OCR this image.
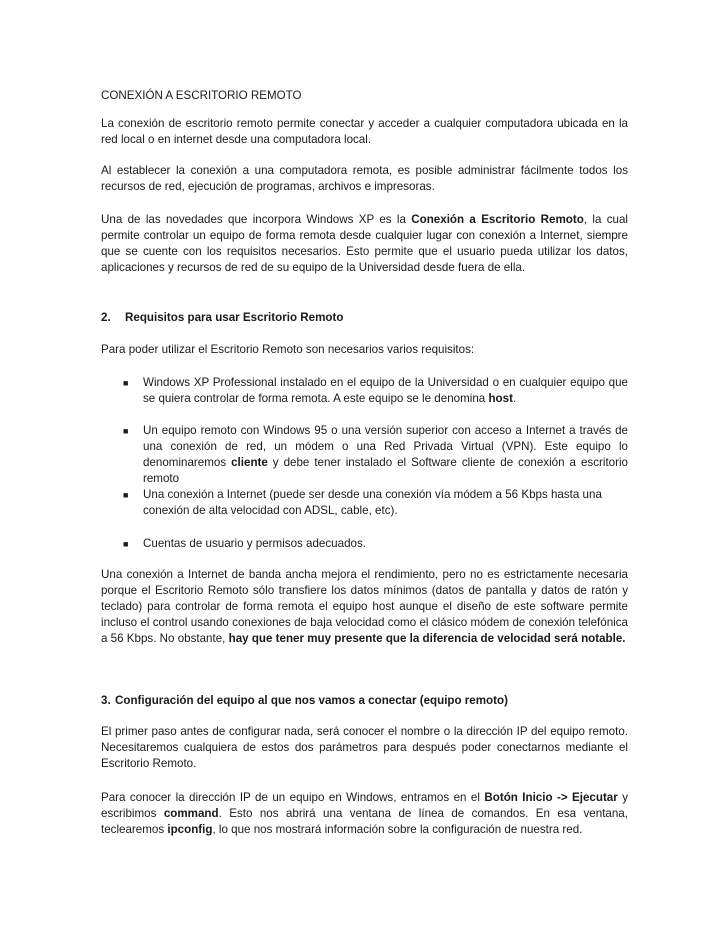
CONEXIÓN A ESCRITORIO REMOTO

La conexión de escritorio remoto permite conectar y acceder a cualquier computadora ubicada en la red local o en internet desde una computadora local.

Al establecer la conexión a una computadora remota, es posible administrar fácilmente todos los recursos de red, ejecución de programas, archivos e impresoras.

Una de las novedades que incorpora Windows XP es la Conexión a Escritorio Remoto, la cual permite controlar un equipo de forma remota desde cualquier lugar con conexión a Internet, siempre que se cuente con los requisitos necesarios. Esto permite que el usuario pueda utilizar los datos, aplicaciones y recursos de red de su equipo de la Universidad desde fuera de ella.

2. Requisitos para usar Escritorio Remoto

Para poder utilizar el Escritorio Remoto son necesarios varios requisitos:

■ Windows XP Professional instalado en el equipo de la Universidad o en cualquier equipo que se quiera controlar de forma remota. A este equipo se le denomina host.

■ Un equipo remoto con Windows 95 o una versión superior con acceso a Internet a través de una conexión de red, un módem o una Red Privada Virtual (VPN). Este equipo lo denominaremos cliente y debe tener instalado el Software cliente de conexión a escritorio remoto

■ Una conexión a Internet (puede ser desde una conexión vía módem a 56 Kbps hasta una conexión de alta velocidad con ADSL, cable, etc).

■ Cuentas de usuario y permisos adecuados.

Una conexión a Internet de banda ancha mejora el rendimiento, pero no es estrictamente necesaria porque el Escritorio Remoto sólo transfiere los datos mínimos (datos de pantalla y datos de ratón y teclado) para controlar de forma remota el equipo host aunque el diseño de este software permite incluso el control usando conexiones de baja velocidad como el clásico módem de conexión telefónica a 56 Kbps. No obstante, hay que tener muy presente que la diferencia de velocidad será notable.

3. Configuración del equipo al que nos vamos a conectar (equipo remoto)

El primer paso antes de configurar nada, será conocer el nombre o la dirección IP del equipo remoto. Necesitaremos cualquiera de estos dos parámetros para después poder conectarnos mediante el Escritorio Remoto.

Para conocer la dirección IP de un equipo en Windows, entramos en el Botón Inicio -> Ejecutar y escribimos command. Esto nos abrirá una ventana de línea de comandos. En esa ventana, teclearemos ipconfig, lo que nos mostrará información sobre la configuración de nuestra red.
